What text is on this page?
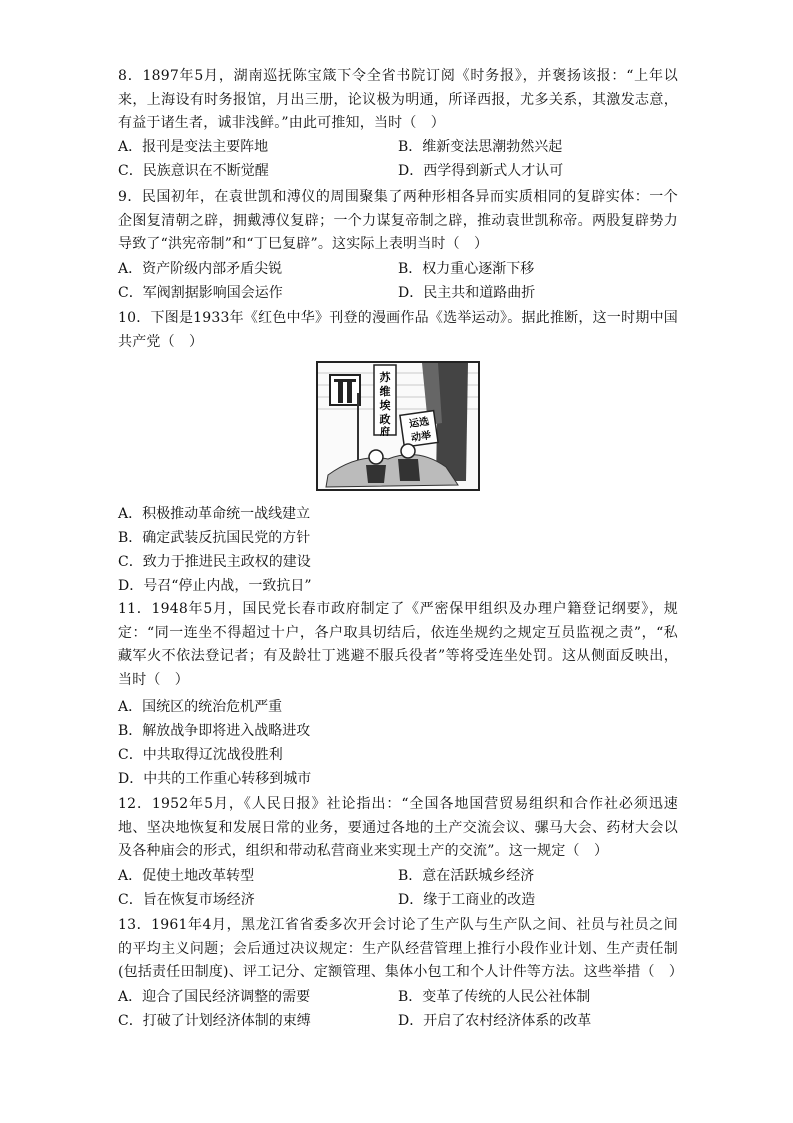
8．1897年5月，湖南巡抚陈宝箴下令全省书院订阅《时务报》，并褒扬该报：“上年以来，上海设有时务报馆，月出三册，论议极为明通，所译西报，尤多关系，其激发志意，有益于诸生者，诚非浅鲜。”由此可推知，当时（　）

A．报刊是变法主要阵地	B．维新变法思潮勃然兴起
C．民族意识在不断觉醒	D．西学得到新式人才认可

9．民国初年，在袁世凯和溥仪的周围聚集了两种形相各异而实质相同的复辟实体：一个企图复清朝之辟，拥戴溥仪复辟；一个力谋复帝制之辟，推动袁世凯称帝。两股复辟势力导致了“洪宪帝制”和“丁巳复辟”。这实际上表明当时（　）

A．资产阶级内部矛盾尖锐	B．权力重心逐渐下移
C．军阀割据影响国会运作	D．民主共和道路曲折

10．下图是1933年《红色中华》刊登的漫画作品《选举运动》。据此推断，这一时期中国共产党（　）

苏
维
埃
政
府
运选
动举
A．积极推动革命统一战线建立
B．确定武装反抗国民党的方针
C．致力于推进民主政权的建设
D．号召“停止内战，一致抗日”

11．1948年5月，国民党长春市政府制定了《严密保甲组织及办理户籍登记纲要》，规定：“同一连坐不得超过十户，各户取具切结后，依连坐规约之规定互员监视之责”，“私藏军火不依法登记者；有及龄壮丁逃避不服兵役者”等将受连坐处罚。这从侧面反映出，当时（　）

A．国统区的统治危机严重
B．解放战争即将进入战略进攻
C．中共取得辽沈战役胜利
D．中共的工作重心转移到城市

12．1952年5月，《人民日报》社论指出：“全国各地国营贸易组织和合作社必须迅速地、坚决地恢复和发展日常的业务，要通过各地的土产交流会议、骡马大会、药材大会以及各种庙会的形式，组织和带动私营商业来实现土产的交流”。这一规定（　）

A．促使土地改革转型	B．意在活跃城乡经济
C．旨在恢复市场经济	D．缘于工商业的改造

13．1961年4月，黑龙江省省委多次开会讨论了生产队与生产队之间、社员与社员之间的平均主义问题；会后通过决议规定：生产队经营管理上推行小段作业计划、生产责任制(包括责任田制度)、评工记分、定额管理、集体小包工和个人计件等方法。这些举措（　）

A．迎合了国民经济调整的需要	B．变革了传统的人民公社体制
C．打破了计划经济体制的束缚	D．开启了农村经济体系的改革
